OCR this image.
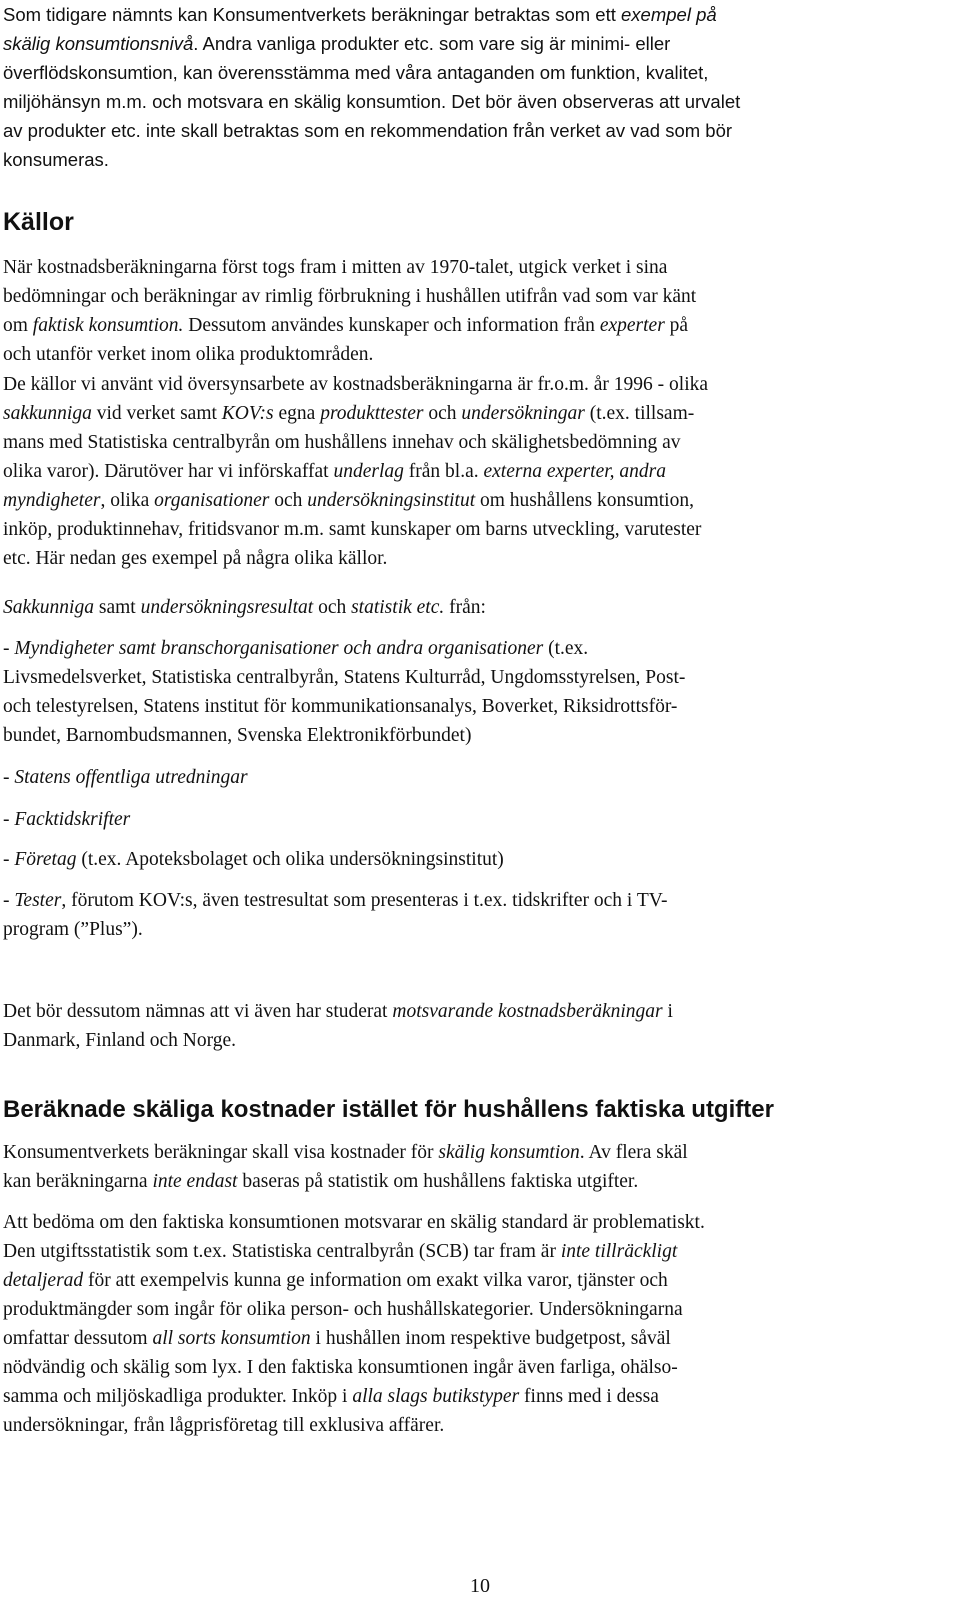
Som tidigare nämnts kan Konsumentverkets beräkningar betraktas som ett exempel på
skälig konsumtionsnivå. Andra vanliga produkter etc. som vare sig är minimi- eller
överflödskonsumtion, kan överensstämma med våra antaganden om funktion, kvalitet,
miljöhänsyn m.m. och motsvara en skälig konsumtion. Det bör även observeras att urvalet
av produkter etc. inte skall betraktas som en rekommendation från verket av vad som bör
konsumeras.
Källor
När kostnadsberäkningarna först togs fram i mitten av 1970-talet, utgick verket i sina
bedömningar och beräkningar av rimlig förbrukning i hushållen utifrån vad som var känt
om faktisk konsumtion. Dessutom användes kunskaper och information från experter på
och utanför verket inom olika produktområden.
De källor vi använt vid översynsarbete av kostnadsberäkningarna är fr.o.m. år 1996 - olika
sakkunniga vid verket samt KOV:s egna produkttester och undersökningar (t.ex. tillsam-
mans med Statistiska centralbyrån om hushållens innehav och skälighetsbedömning av
olika varor). Därutöver har vi införskaffat underlag från bl.a. externa experter, andra
myndigheter, olika organisationer och undersökningsinstitut om hushållens konsumtion,
inköp, produktinnehav, fritidsvanor m.m. samt kunskaper om barns utveckling, varutester
etc. Här nedan ges exempel på några olika källor.
Sakkunniga samt undersökningsresultat och statistik etc. från:
- Myndigheter samt branschorganisationer och andra organisationer (t.ex.
Livsmedelsverket, Statistiska centralbyrån, Statens Kulturråd, Ungdomsstyrelsen, Post-
och telestyrelsen, Statens institut för kommunikationsanalys, Boverket, Riksidrottsför-
bundet, Barnombudsmannen, Svenska Elektronikförbundet)
- Statens offentliga utredningar
- Facktidskrifter
- Företag (t.ex. Apoteksbolaget och olika undersökningsinstitut)
- Tester, förutom KOV:s, även testresultat som presenteras i t.ex. tidskrifter och i TV-
program (”Plus”).
Det bör dessutom nämnas att vi även har studerat motsvarande kostnadsberäkningar i
Danmark, Finland och Norge.
Beräknade skäliga kostnader istället för hushållens faktiska utgifter
Konsumentverkets beräkningar skall visa kostnader för skälig konsumtion. Av flera skäl
kan beräkningarna inte endast baseras på statistik om hushållens faktiska utgifter.
Att bedöma om den faktiska konsumtionen motsvarar en skälig standard är problematiskt.
Den utgiftsstatistik som t.ex. Statistiska centralbyrån (SCB) tar fram är inte tillräckligt
detaljerad för att exempelvis kunna ge information om exakt vilka varor, tjänster och
produktmängder som ingår för olika person- och hushållskategorier. Undersökningarna
omfattar dessutom all sorts konsumtion i hushållen inom respektive budgetpost, såväl
nödvändig och skälig som lyx. I den faktiska konsumtionen ingår även farliga, ohälso-
samma och miljöskadliga produkter. Inköp i alla slags butikstyper finns med i dessa
undersökningar, från lågprisföretag till exklusiva affärer.
10
